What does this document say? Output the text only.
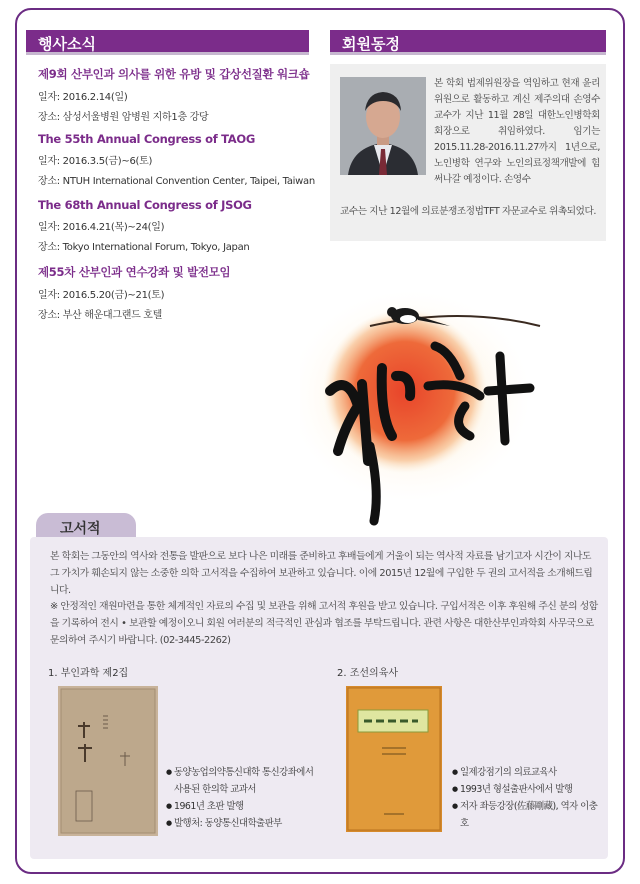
행사소식	회원동정
제9회 산부인과 의사를 위한 유방 및 갑상선질환 워크숍
일자: 2016.2.14(일)
장소: 삼성서울병원 암병원 지하1층 강당
The 55th Annual Congress of TAOG
일자: 2016.3.5(금)~6(토)
장소: NTUH International Convention Center, Taipei, Taiwan
The 68th Annual Congress of JSOG
일자: 2016.4.21(목)~24(일)
장소: Tokyo International Forum, Tokyo, Japan
제55차 산부인과 연수강좌 및 발전모임
일자: 2016.5.20(금)~21(토)
장소: 부산 해운대그랜드 호텔
본 학회 법제위원장을 역임하고 현재 윤리위원으로 활동하고 계신 제주의대 손영수 교수가 지난 11월 28일 대한노인병학회 회장으로 취임하였다. 임기는 2015.11.28-2016.11.27까지 1년으로, 노인병학 연구와 노인의료정책개발에 힘써나갈 예정이다. 손영수
교수는 지난 12월에 의료분쟁조정법TFT 자문교수로 위촉되었다.
고서적
본 학회는 그동안의 역사와 전통을 발판으로 보다 나은 미래를 준비하고 후배들에게 거울이 되는 역사적 자료를 남기고자 시간이 지나도 그 가치가 훼손되지 않는 소중한 의학 고서적을 수집하여 보관하고 있습니다. 이에 2015년 12월에 구입한 두 권의 고서적을 소개해드립니다.
※ 안정적인 재원마련을 통한 체계적인 자료의 수집 및 보관을 위해 고서적 후원을 받고 있습니다. 구입서적은 이후 후원해 주신 분의 성함을 기록하여 전시 • 보관할 예정이오니 회원 여러분의 적극적인 관심과 협조를 부탁드립니다. 관련 사항은 대한산부인과학회 사무국으로 문의하여 주시기 바랍니다. (02-3445-2262)
1. 부인과학 제2집	2. 조선의육사
● 동양농업의약통신대학 통신강좌에서 사용된 한의학 교과서
● 1961년 초판 발행
● 발행처: 동양통신대학출판부
● 일제강점기의 의료교육사
● 1993년 형설출판사에서 발행
● 저자 좌등강장(佐藤剛藏), 역자 이충호
